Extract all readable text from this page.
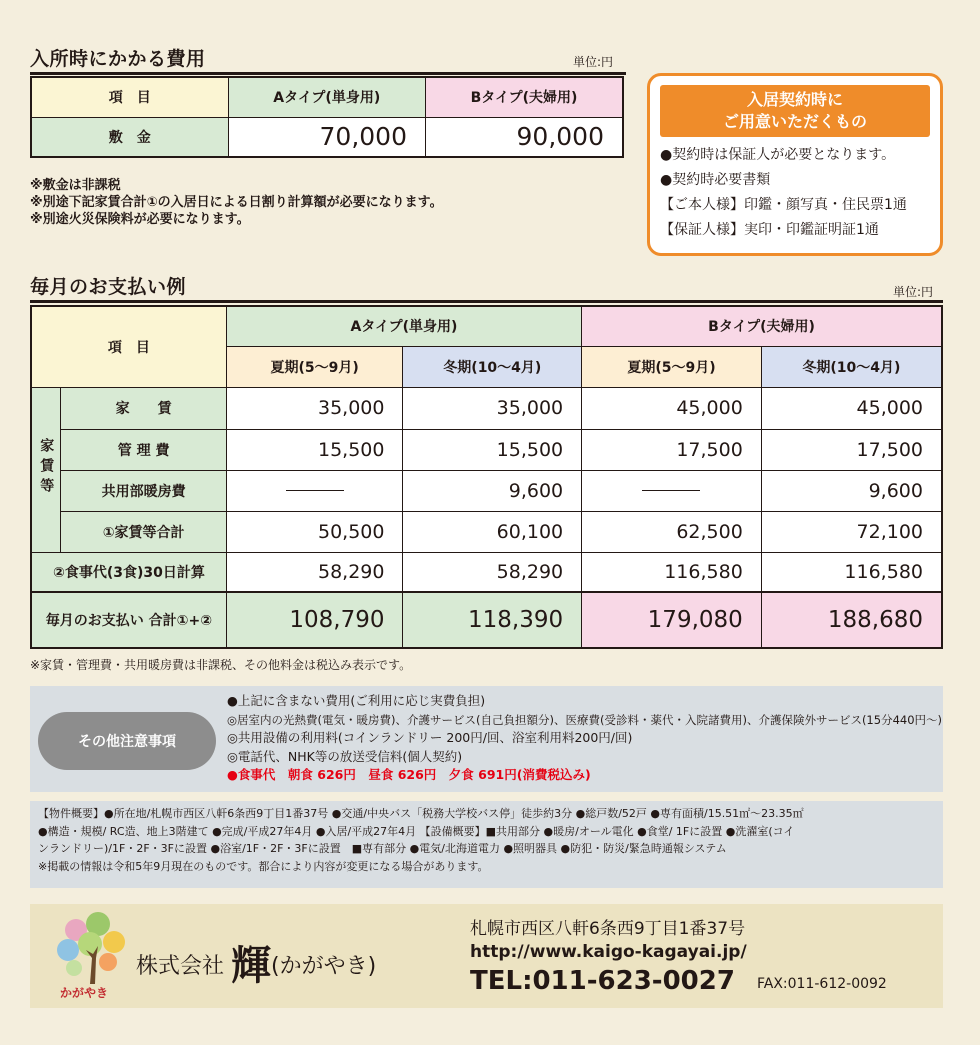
入所時にかかる費用	単位:円
項　目	Aタイプ(単身用)	Bタイプ(夫婦用)
敷　金	70,000	90,000
※敷金は非課税
※別途下記家賃合計①の入居日による日割り計算額が必要になります。
※別途火災保険料が必要になります。
入居契約時に
ご用意いただくもの
●契約時は保証人が必要となります。
●契約時必要書類
【ご本人様】印鑑・顔写真・住民票1通
【保証人様】実印・印鑑証明証1通
毎月のお支払い例	単位:円
項　目		Aタイプ(単身用)		Bタイプ(夫婦用)	
		夏期(5〜9月)	冬期(10〜4月)	夏期(5〜9月)	冬期(10〜4月)
家賃等	家　　賃	35,000	35,000	45,000	45,000
	管 理 費	15,500	15,500	17,500	17,500
	共用部暖房費		9,600		9,600
	①家賃等合計	50,500	60,100	62,500	72,100
②食事代(3食)30日計算		58,290	58,290	116,580	116,580
毎月のお支払い 合計①+②		108,790	118,390	179,080	188,680
※家賃・管理費・共用暖房費は非課税、その他料金は税込み表示です。
その他注意事項
●上記に含まない費用(ご利用に応じ実費負担)
◎居室内の光熱費(電気・暖房費)、介護サービス(自己負担額分)、医療費(受診料・薬代・入院諸費用)、介護保険外サービス(15分440円〜)
◎共用設備の利用料(コインランドリー 200円/回、浴室利用料200円/回)
◎電話代、NHK等の放送受信料(個人契約)
●食事代　朝食 626円　昼食 626円　夕食 691円(消費税込み)
【物件概要】●所在地/札幌市西区八軒6条西9丁目1番37号 ●交通/中央バス「税務大学校バス停」徒歩約3分 ●総戸数/52戸 ●専有面積/15.51㎡〜23.35㎡
●構造・規模/ RC造、地上3階建て ●完成/平成27年4月 ●入居/平成27年4月 【設備概要】■共用部分 ●暖房/オール電化 ●食堂/ 1Fに設置 ●洗濯室(コイ
ンランドリー)/1F・2F・3Fに設置 ●浴室/1F・2F・3Fに設置　■専有部分 ●電気/北海道電力 ●照明器具 ●防犯・防災/緊急時通報システム
※掲載の情報は令和5年9月現在のものです。都合により内容が変更になる場合があります。
かがやき
株式会社 輝(かがやき)
札幌市西区八軒6条西9丁目1番37号
http://www.kaigo-kagayai.jp/
TEL:011-623-0027 FAX:011-612-0092
